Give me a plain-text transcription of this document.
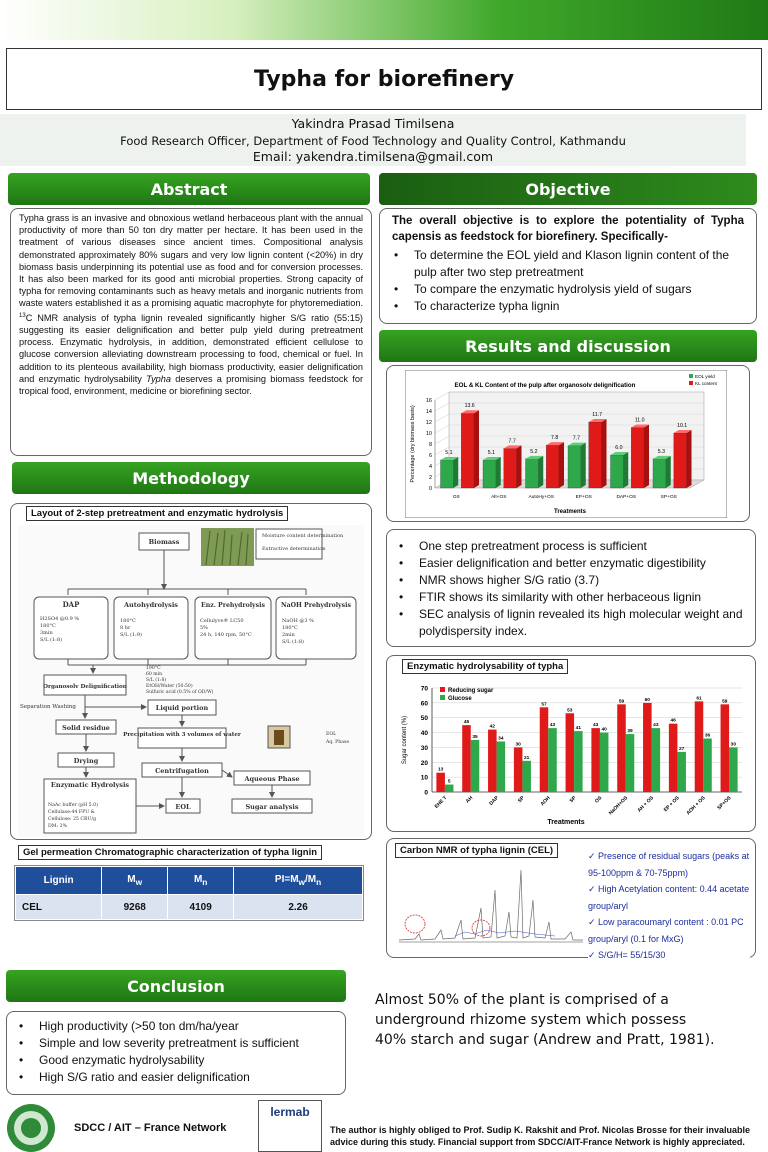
Typha for biorefinery
Yakindra Prasad Timilsena
Food Research Officer, Department of Food Technology and Quality Control, Kathmandu
Email: yakendra.timilsena@gmail.com
Abstract
Typha grass is an invasive and obnoxious wetland herbaceous plant with the annual productivity of more than 50 ton dry matter per hectare. It has been used in the treatment of various diseases since ancient times. Compositional analysis demonstrated approximately 80% sugars and very low lignin content (<20%) in dry biomass basis underpinning its potential use as food and for conversion processes. It has also been marked for its good anti microbial properties. Strong capacity of typha for removing contaminants such as heavy metals and inorganic nutrients from waste waters established it as a promising aquatic macrophyte for phytoremediation. $^{13}$C NMR analysis of typha lignin revealed significantly higher S/G ratio (55:15) suggesting its easier delignification and better pulp yield during pretreatment process. Enzymatic hydrolysis, in addition, demonstrated efficient cellulose to glucose conversion alleviating downstream processing to food, chemical or fuel. In addition to its plenteous availability, high biomass productivity, easier delignification and enzymatic hydrolysability Typha deserves a promising biomass feedstock for tropical food, environment, medicine or biorefining sector.
Methodology
Layout of 2-step pretreatment and enzymatic hydrolysis
Biomass
Moisture content determination
Extractive determination
DAP
H2SO4 @0.9 %
180°C
3min
S/L (1:8)
Autohydrolysis
180°C
8 hr
S/L (1:9)
Enz. Prehydrolysis
Cellulyve® LC50
5%
24 h, 140 rpm, 50°C
NaOH Prehydrolysis
NaOH @3 %
180°C
2min
S/L (1:8)
190°C
60 min
S/L (1:8)
EtOH/Water (50:50)
Sulfuric acid (0.5% of OD/W)
Organosolv Delignification
Separation Washing	Liquid portion
Solid residue
Precipitation with 3 volumes of water	EOL
Aq. Phase
Drying
Centrifugation
Aqueous Phase
Enzymatic Hydrolysis
NaAc buffer (pH 5.0)
Cellulase:44 FPU &
Cellulose: 25 CBU/g
DM: 2%
EOL	Sugar analysis
Gel permeation Chromatographic characterization of typha lignin
Lignin	$M_w$	$M_n$	$PI=M_w/M_n$
CEL	9268	4109	2.26
Conclusion
• High productivity (>50 ton dm/ha/year
• Simple and low severity pretreatment is sufficient
• Good enzymatic hydrolysability
• High S/G ratio and easier delignification
Almost 50% of the plant is comprised of a underground rhizome system which possess 40% starch and sugar (Andrew and Pratt, 1981).
Objective
The overall objective is to explore the potentiality of Typha capensis as feedstock for biorefinery. Specifically-
• To determine the EOL yield and Klason lignin content of the pulp after two step pretreatment
• To compare the enzymatic hydrolysis yield of sugars
• To characterize typha lignin
Results and discussion
0
2
4
6
8
10
12
14
16
EOL & KL Content of the pulp after organosolv delignification
Percentage (dry biomass basis)
Treatments
OS
5.1
13.6
Alt+OS
5.1
7.7
AutoHy+OS
5.2
7.8
EP+OS
7.7
11.7
DAP+OS
6.0
11.0
SP+OS
5.3
10.1
EOL yield
KL content
• One step pretreatment process is sufficient
• Easier delignification and better enzymatic digestibility
• NMR shows higher S/G ratio (3.7)
• FTIR shows its similarity with other herbaceous lignin
• SEC analysis of lignin revealed its high molecular weight and polydispersity index.
Enzymatic hydrolysability of typha
0
10
20
30
40
50
60
70
Sugar content (%)
Treatments
EHE T
13
5
AH
45
35
DAP
42
34
SP
30
21
AOH
57
43
SP
53
41
OS
43
40
NaOH+OS
59
39
AH + OS
60
43
EP + OS
46
27
AOH + OS
61
36
SP+OS
59
30
Reducing sugar
Glucose
Carbon NMR of typha lignin (CEL)	✓ Presence of residual sugars (peaks at 95-100ppm & 70-75ppm)
✓ High Acetylation content: 0.44 acetate group/aryl
✓ Low paracoumaryl content : 0.01 PC group/aryl (0.1 for MxG)
✓ S/G/H= 55/15/30
SDCC / AIT – France Network
lermab
The author is highly obliged to Prof. Sudip K. Rakshit and Prof. Nicolas Brosse for their invaluable advice during this study. Financial support from SDCC/AIT-France Network is highly appreciated.
